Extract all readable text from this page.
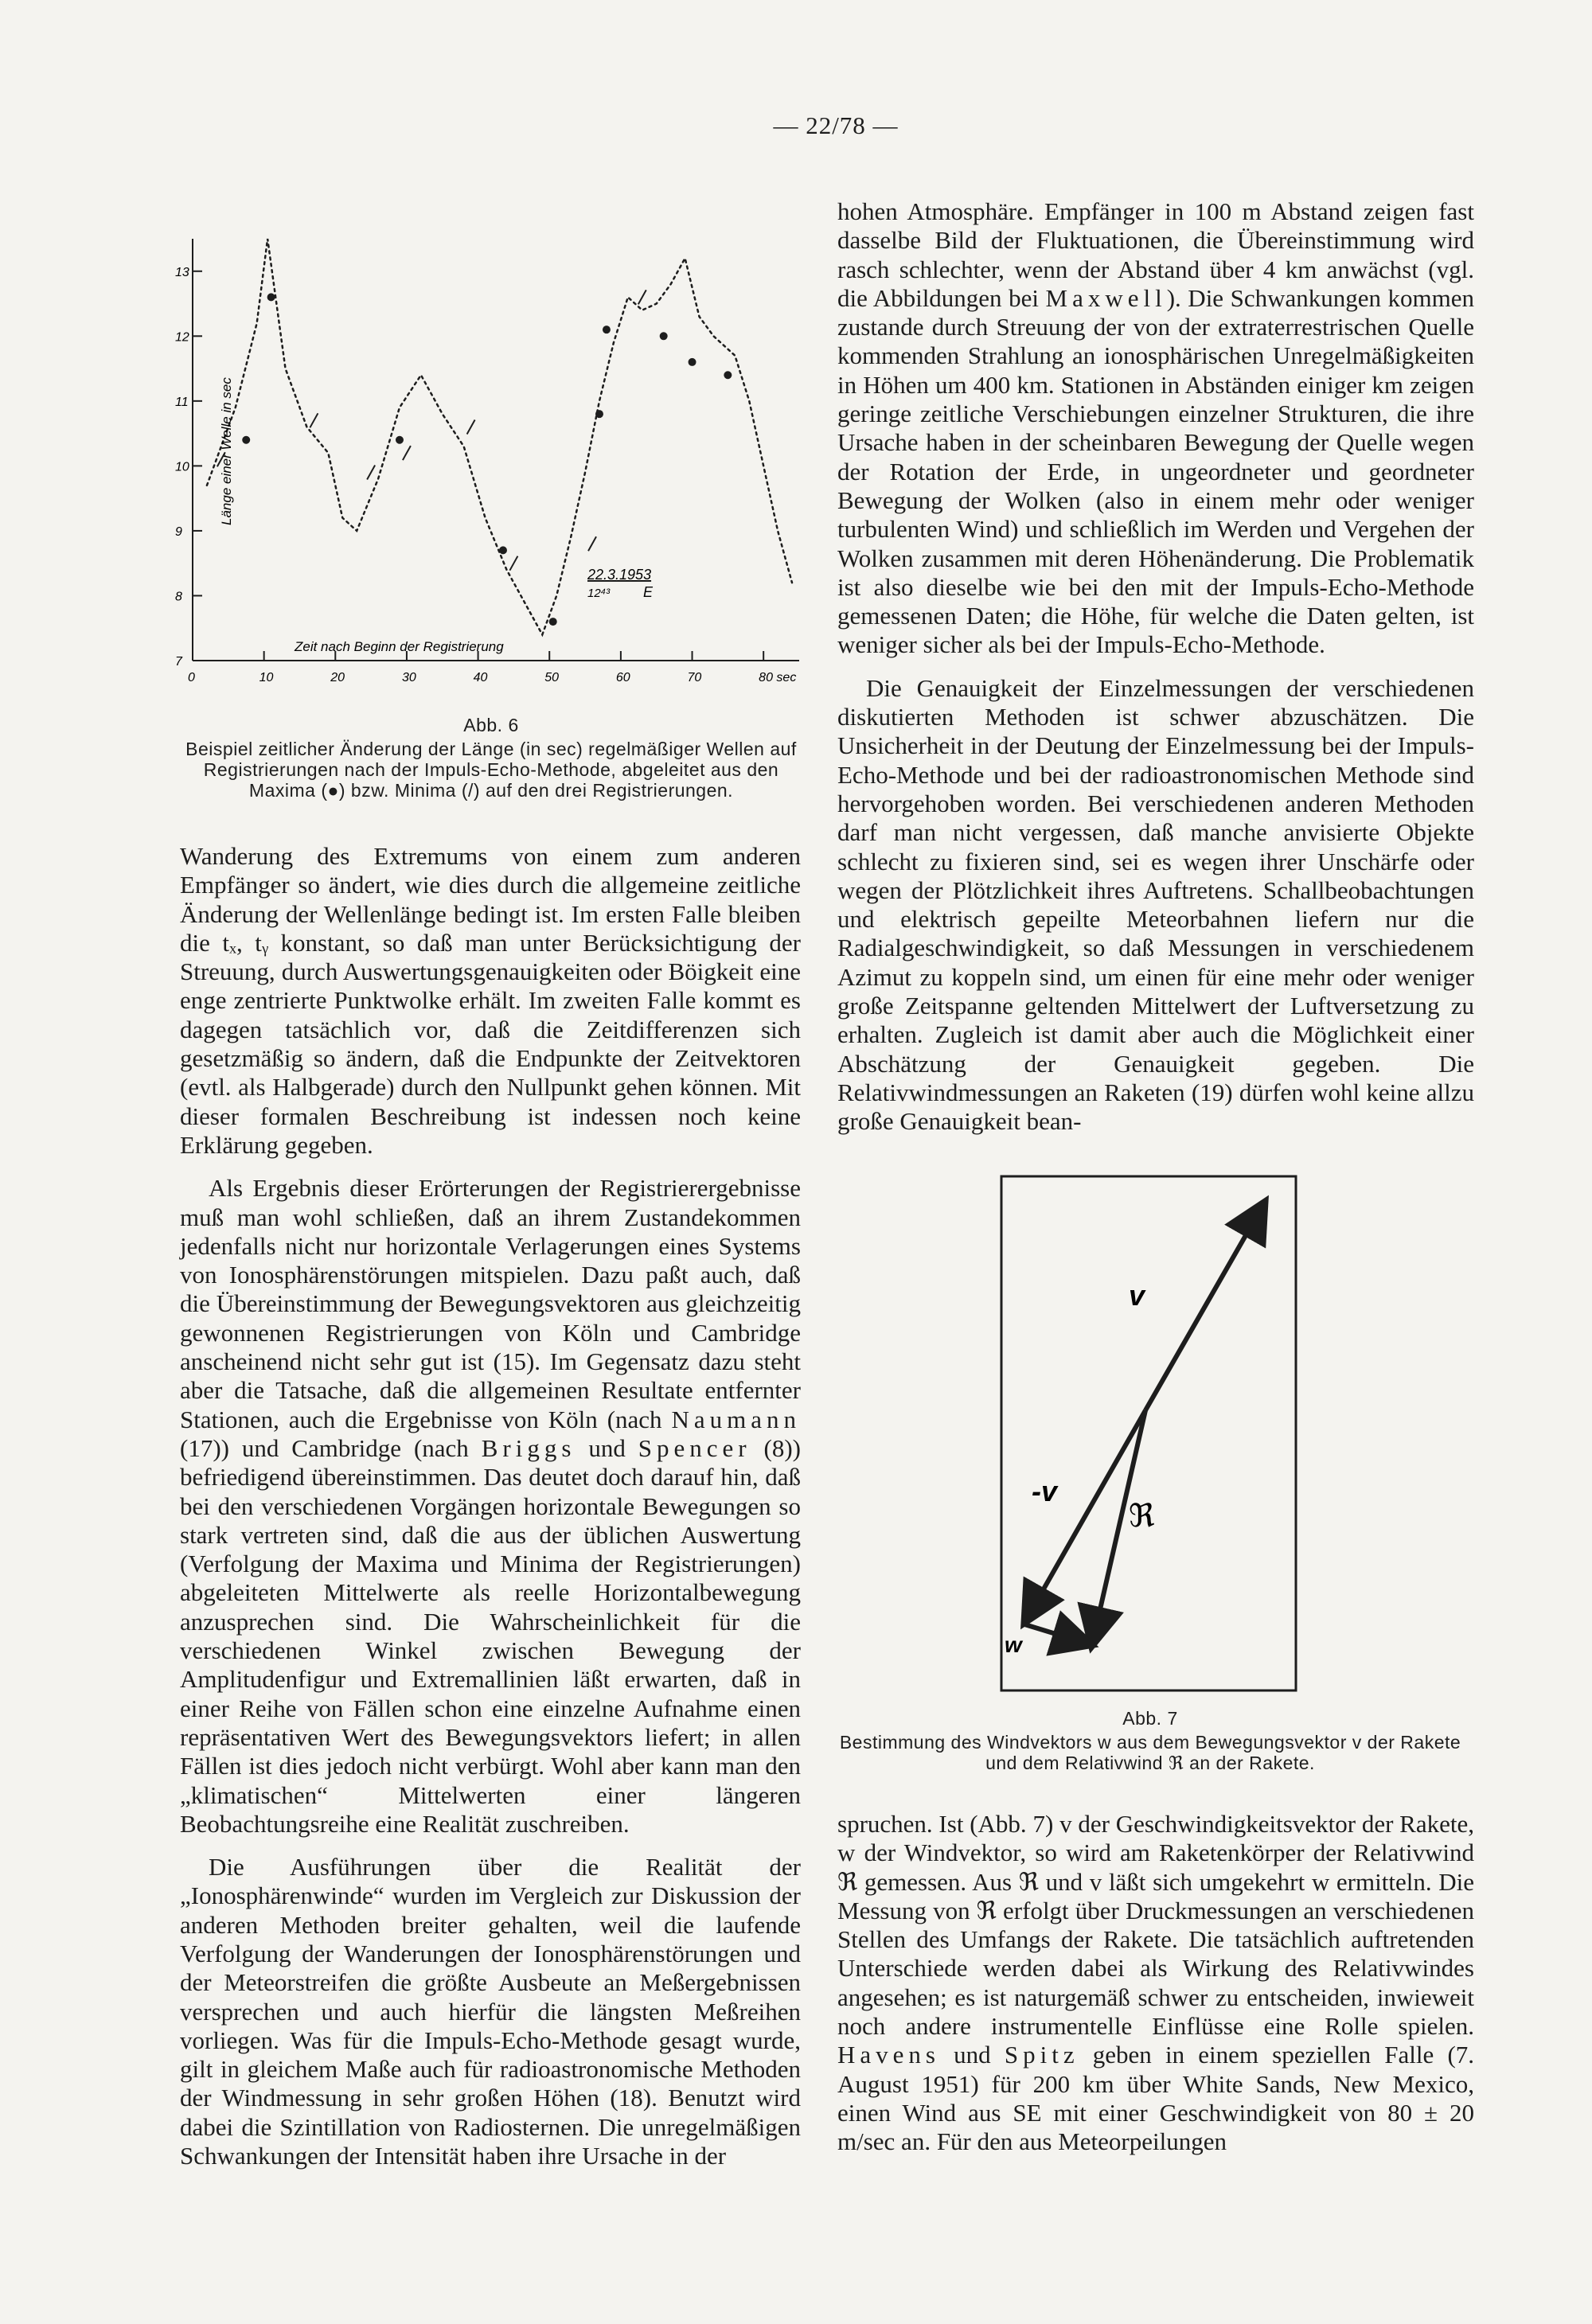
— 22/78 —
0	10	20	30	40	50	60	70	80 sec
7
8
9
10
11
12
13
Länge einer Welle in sec
Zeit nach Beginn der Registrierung
22.3.1953
12⁴³ E
Abb. 6
Beispiel zeitlicher Änderung der Länge (in sec) regelmäßiger Wellen auf Registrierungen nach der Impuls-Echo-Methode, abgeleitet aus den Maxima (●) bzw. Minima (/) auf den drei Registrierungen.

Wanderung des Extremums von einem zum anderen Empfänger so ändert, wie dies durch die allgemeine zeitliche Änderung der Wellenlänge bedingt ist. Im ersten Falle bleiben die tₓ, tᵧ konstant, so daß man unter Berücksichtigung der Streuung, durch Auswertungsgenauigkeiten oder Böigkeit eine enge zentrierte Punktwolke erhält. Im zweiten Falle kommt es dagegen tatsächlich vor, daß die Zeitdifferenzen sich gesetzmäßig so ändern, daß die Endpunkte der Zeitvektoren (evtl. als Halbgerade) durch den Nullpunkt gehen können. Mit dieser formalen Beschreibung ist indessen noch keine Erklärung gegeben.

Als Ergebnis dieser Erörterungen der Registrierergebnisse muß man wohl schließen, daß an ihrem Zustandekommen jedenfalls nicht nur horizontale Verlagerungen eines Systems von Ionosphärenstörungen mitspielen. Dazu paßt auch, daß die Übereinstimmung der Bewegungsvektoren aus gleichzeitig gewonnenen Registrierungen von Köln und Cambridge anscheinend nicht sehr gut ist (15). Im Gegensatz dazu steht aber die Tatsache, daß die allgemeinen Resultate entfernter Stationen, auch die Ergebnisse von Köln (nach Naumann (17)) und Cambridge (nach Briggs und Spencer (8)) befriedigend übereinstimmen. Das deutet doch darauf hin, daß bei den verschiedenen Vorgängen horizontale Bewegungen so stark vertreten sind, daß die aus der üblichen Auswertung (Verfolgung der Maxima und Minima der Registrierungen) abgeleiteten Mittelwerte als reelle Horizontalbewegung anzusprechen sind. Die Wahrscheinlichkeit für die verschiedenen Winkel zwischen Bewegung der Amplitudenfigur und Extremallinien läßt erwarten, daß in einer Reihe von Fällen schon eine einzelne Aufnahme einen repräsentativen Wert des Bewegungsvektors liefert; in allen Fällen ist dies jedoch nicht verbürgt. Wohl aber kann man den „klimatischen“ Mittelwerten einer längeren Beobachtungsreihe eine Realität zuschreiben.

Die Ausführungen über die Realität der „Ionosphärenwinde“ wurden im Vergleich zur Diskussion der anderen Methoden breiter gehalten, weil die laufende Verfolgung der Wanderungen der Ionosphärenstörungen und der Meteorstreifen die größte Ausbeute an Meßergebnissen versprechen und auch hierfür die längsten Meßreihen vorliegen. Was für die Impuls-Echo-Methode gesagt wurde, gilt in gleichem Maße auch für radioastronomische Methoden der Windmessung in sehr großen Höhen (18). Benutzt wird dabei die Szintillation von Radiosternen. Die unregelmäßigen Schwankungen der Intensität haben ihre Ursache in der

hohen Atmosphäre. Empfänger in 100 m Abstand zeigen fast dasselbe Bild der Fluktuationen, die Übereinstimmung wird rasch schlechter, wenn der Abstand über 4 km anwächst (vgl. die Abbildungen bei Maxwell). Die Schwankungen kommen zustande durch Streuung der von der extraterrestrischen Quelle kommenden Strahlung an ionosphärischen Unregelmäßigkeiten in Höhen um 400 km. Stationen in Abständen einiger km zeigen geringe zeitliche Verschiebungen einzelner Strukturen, die ihre Ursache haben in der scheinbaren Bewegung der Quelle wegen der Rotation der Erde, in ungeordneter und geordneter Bewegung der Wolken (also in einem mehr oder weniger turbulenten Wind) und schließlich im Werden und Vergehen der Wolken zusammen mit deren Höhenänderung. Die Problematik ist also dieselbe wie bei den mit der Impuls-Echo-Methode gemessenen Daten; die Höhe, für welche die Daten gelten, ist weniger sicher als bei der Impuls-Echo-Methode.

Die Genauigkeit der Einzelmessungen der verschiedenen diskutierten Methoden ist schwer abzuschätzen. Die Unsicherheit in der Deutung der Einzelmessung bei der Impuls-Echo-Methode und bei der radioastronomischen Methode sind hervorgehoben worden. Bei verschiedenen anderen Methoden darf man nicht vergessen, daß manche anvisierte Objekte schlecht zu fixieren sind, sei es wegen ihrer Unschärfe oder wegen der Plötzlichkeit ihres Auftretens. Schallbeobachtungen und elektrisch gepeilte Meteorbahnen liefern nur die Radialgeschwindigkeit, so daß Messungen in verschiedenem Azimut zu koppeln sind, um einen für eine mehr oder weniger große Zeitspanne geltenden Mittelwert der Luftversetzung zu erhalten. Zugleich ist damit aber auch die Möglichkeit einer Abschätzung der Genauigkeit gegeben. Die Relativwindmessungen an Raketen (19) dürfen wohl keine allzu große Genauigkeit bean-

v
-v
ℜ
w
Abb. 7
Bestimmung des Windvektors w aus dem Bewegungsvektor v der Rakete und dem Relativwind ℜ an der Rakete.

spruchen. Ist (Abb. 7) v der Geschwindigkeitsvektor der Rakete, w der Windvektor, so wird am Raketenkörper der Relativwind ℜ gemessen. Aus ℜ und v läßt sich umgekehrt w ermitteln. Die Messung von ℜ erfolgt über Druckmessungen an verschiedenen Stellen des Umfangs der Rakete. Die tatsächlich auftretenden Unterschiede werden dabei als Wirkung des Relativwindes angesehen; es ist naturgemäß schwer zu entscheiden, inwieweit noch andere instrumentelle Einflüsse eine Rolle spielen. Havens und Spitz geben in einem speziellen Falle (7. August 1951) für 200 km über White Sands, New Mexico, einen Wind aus SE mit einer Geschwindigkeit von 80 ± 20 m/sec an. Für den aus Meteorpeilungen
